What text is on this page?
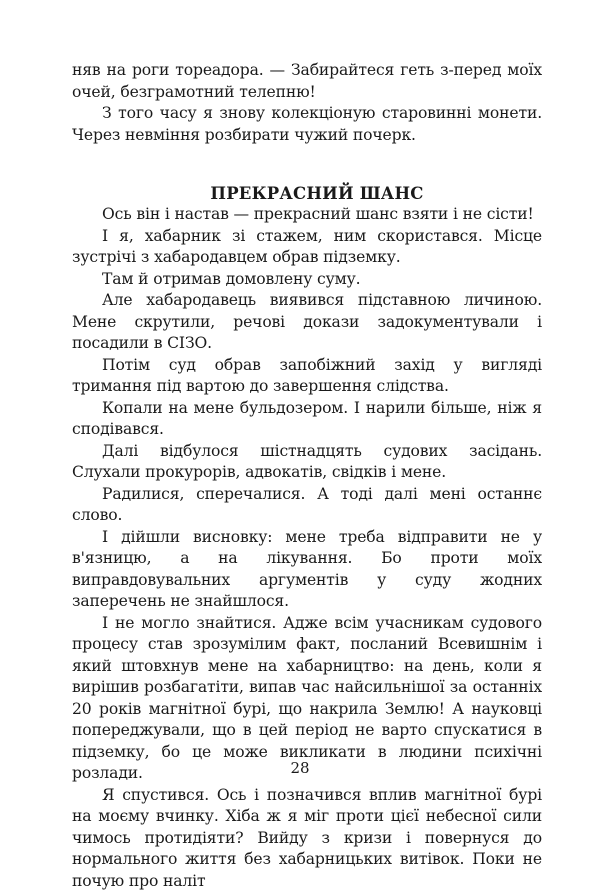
няв на роги тореадора. — Забирайтеся геть з-перед моїх очей, безграмотний телепню!

З того часу я знову колекціоную старовинні монети. Через невміння розбирати чужий почерк.

ПРЕКРАСНИЙ ШАНС

Ось він і настав — прекрасний шанс взяти і не сісти!

І я, хабарник зі стажем, ним скористався. Місце зустрічі з хабародавцем обрав підземку.

Там й отримав домовлену суму.

Але хабародавець виявився підставною личиною. Мене скрутили, речові докази задокументували і посадили в СІЗО.

Потім суд обрав запобіжний захід у вигляді тримання під вартою до завершення слідства.

Копали на мене бульдозером. І нарили більше, ніж я сподівався.

Далі відбулося шістнадцять судових засідань. Слухали прокурорів, адвокатів, свідків і мене.

Радилися, сперечалися. А тоді далі мені останнє слово.

І дійшли висновку: мене треба відправити не у в'язницю, а на лікування. Бо проти моїх виправдовувальних аргументів у суду жодних заперечень не знайшлося.

І не могло знайтися. Адже всім учасникам судового процесу став зрозумілим факт, посланий Всевишнім і який штовхнув мене на хабарництво: на день, коли я вирішив розбагатіти, випав час найсильнішої за останніх 20 років магнітної бурі, що накрила Землю! А науковці попереджували, що в цей період не варто спускатися в підземку, бо це може викликати в людини психічні розлади.

Я спустився. Ось і позначився вплив магнітної бурі на моєму вчинку. Хіба ж я міг проти цієї небесної сили чимось протидіяти? Вийду з кризи і повернуся до нормального життя без хабарницьких витівок. Поки не почую про наліт

28
